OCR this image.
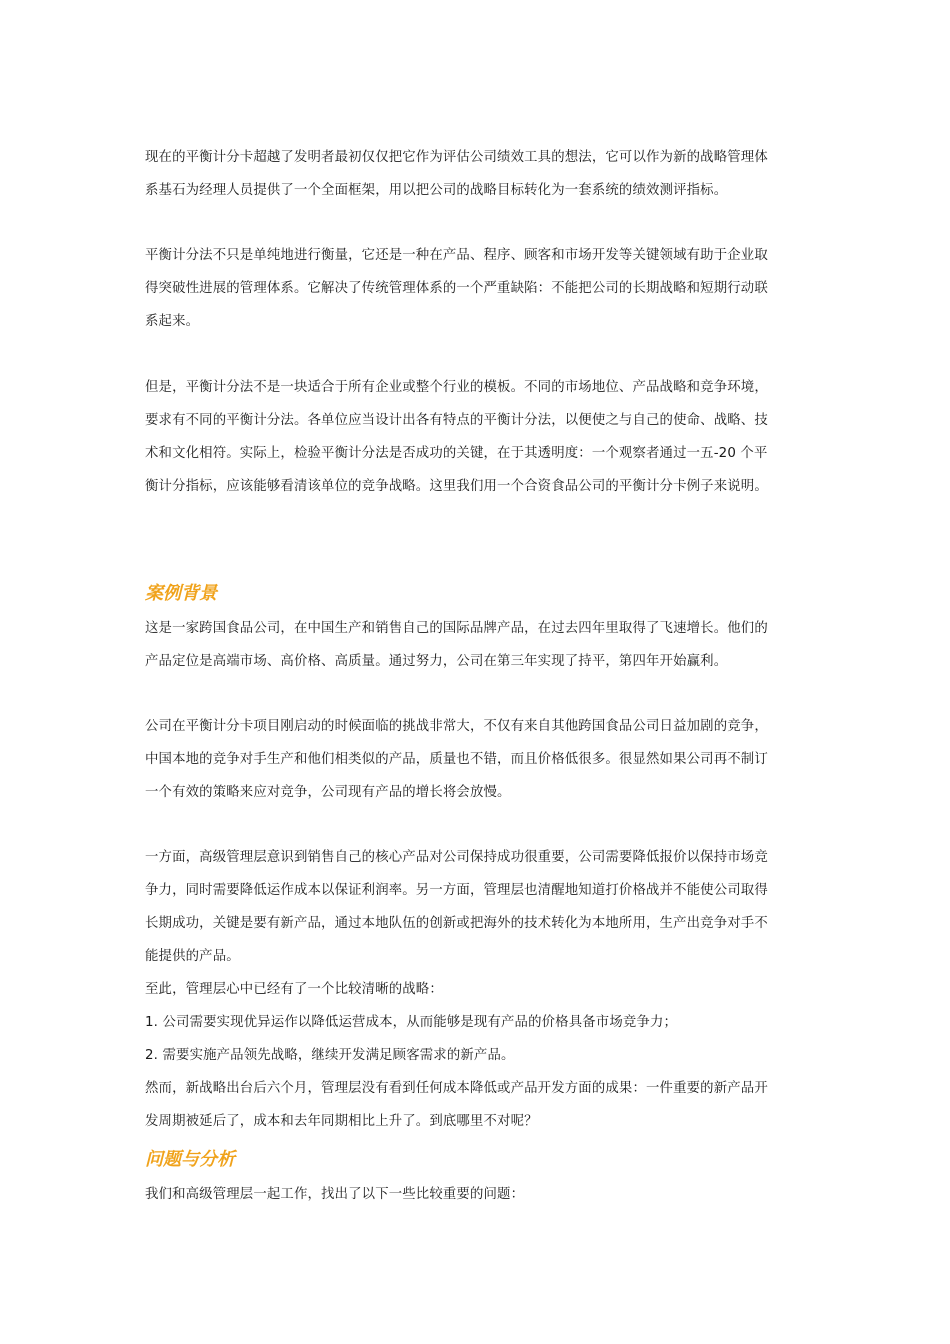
现在的平衡计分卡超越了发明者最初仅仅把它作为评估公司绩效工具的想法，它可以作为新的战略管理体
系基石为经理人员提供了一个全面框架，用以把公司的战略目标转化为一套系统的绩效测评指标。
平衡计分法不只是单纯地进行衡量，它还是一种在产品、程序、顾客和市场开发等关键领域有助于企业取
得突破性进展的管理体系。它解决了传统管理体系的一个严重缺陷：不能把公司的长期战略和短期行动联
系起来。
但是，平衡计分法不是一块适合于所有企业或整个行业的模板。不同的市场地位、产品战略和竞争环境，
要求有不同的平衡计分法。各单位应当设计出各有特点的平衡计分法，以便使之与自己的使命、战略、技
术和文化相符。实际上，检验平衡计分法是否成功的关键，在于其透明度：一个观察者通过一五-20 个平
衡计分指标，应该能够看清该单位的竞争战略。这里我们用一个合资食品公司的平衡计分卡例子来说明。
案例背景
这是一家跨国食品公司，在中国生产和销售自己的国际品牌产品，在过去四年里取得了飞速增长。他们的
产品定位是高端市场、高价格、高质量。通过努力，公司在第三年实现了持平，第四年开始赢利。
公司在平衡计分卡项目刚启动的时候面临的挑战非常大，不仅有来自其他跨国食品公司日益加剧的竞争，
中国本地的竞争对手生产和他们相类似的产品，质量也不错，而且价格低很多。很显然如果公司再不制订
一个有效的策略来应对竞争，公司现有产品的增长将会放慢。
一方面，高级管理层意识到销售自己的核心产品对公司保持成功很重要，公司需要降低报价以保持市场竞
争力，同时需要降低运作成本以保证利润率。另一方面，管理层也清醒地知道打价格战并不能使公司取得
长期成功，关键是要有新产品，通过本地队伍的创新或把海外的技术转化为本地所用，生产出竞争对手不
能提供的产品。
至此，管理层心中已经有了一个比较清晰的战略：
1. 公司需要实现优异运作以降低运营成本，从而能够是现有产品的价格具备市场竞争力；
2. 需要实施产品领先战略，继续开发满足顾客需求的新产品。
然而，新战略出台后六个月，管理层没有看到任何成本降低或产品开发方面的成果：一件重要的新产品开
发周期被延后了，成本和去年同期相比上升了。到底哪里不对呢？
问题与分析
我们和高级管理层一起工作，找出了以下一些比较重要的问题：
